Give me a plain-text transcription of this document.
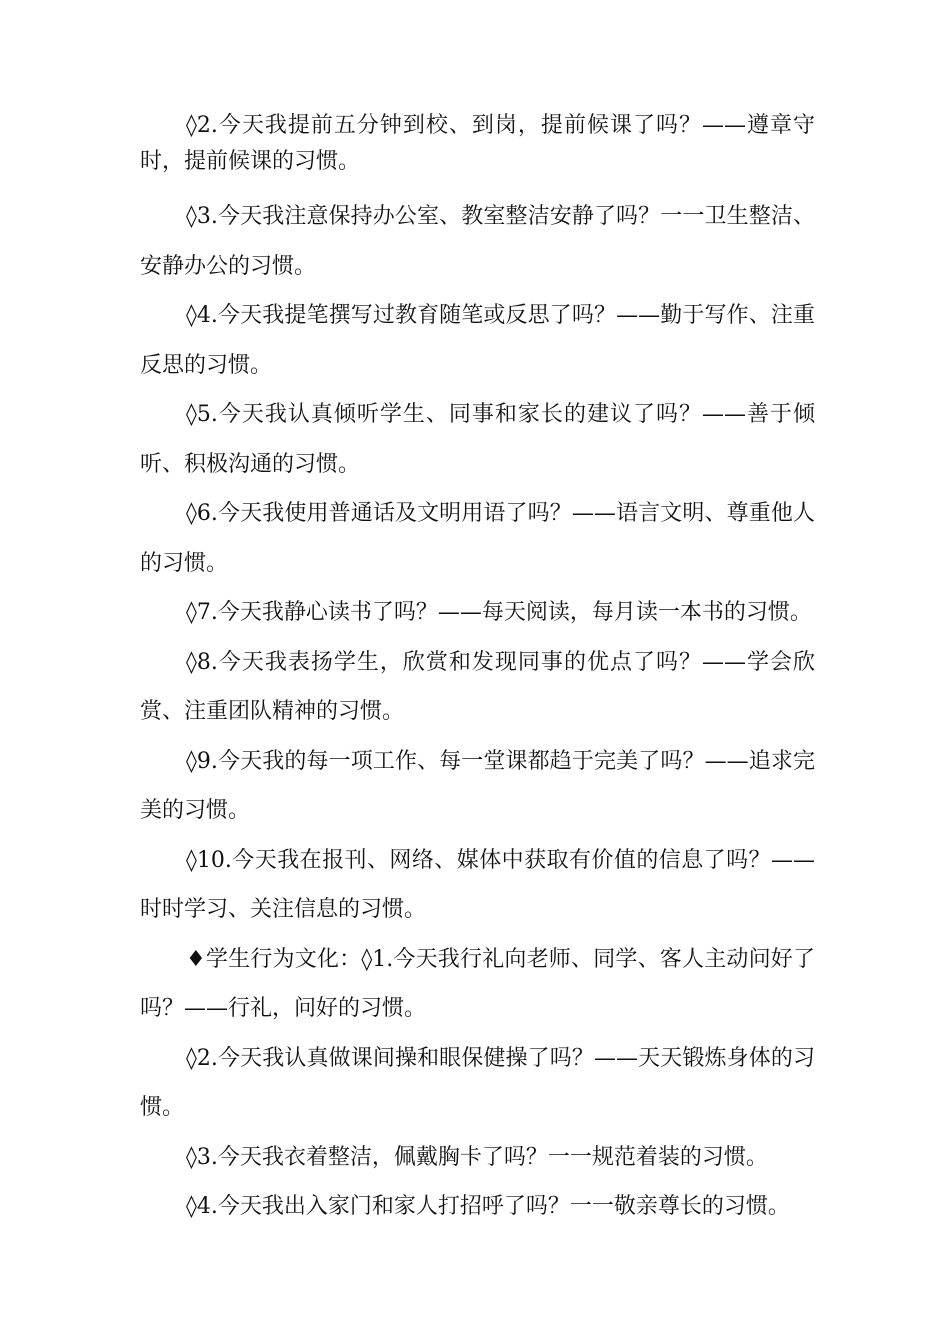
◊2.今天我提前五分钟到校、到岗，提前候课了吗？——遵章守时，提前候课的习惯。

◊3.今天我注意保持办公室、教室整洁安静了吗？一一卫生整洁、安静办公的习惯。

◊4.今天我提笔撰写过教育随笔或反思了吗？——勤于写作、注重反思的习惯。

◊5.今天我认真倾听学生、同事和家长的建议了吗？——善于倾听、积极沟通的习惯。

◊6.今天我使用普通话及文明用语了吗？——语言文明、尊重他人的习惯。

◊7.今天我静心读书了吗？——每天阅读，每月读一本书的习惯。

◊8.今天我表扬学生，欣赏和发现同事的优点了吗？——学会欣赏、注重团队精神的习惯。

◊9.今天我的每一项工作、每一堂课都趋于完美了吗？——追求完美的习惯。

◊10.今天我在报刊、网络、媒体中获取有价值的信息了吗？——时时学习、关注信息的习惯。

♦学生行为文化：◊1.今天我行礼向老师、同学、客人主动问好了吗？——行礼，问好的习惯。

◊2.今天我认真做课间操和眼保健操了吗？——天天锻炼身体的习惯。

◊3.今天我衣着整洁，佩戴胸卡了吗？一一规范着装的习惯。

◊4.今天我出入家门和家人打招呼了吗？一一敬亲尊长的习惯。
